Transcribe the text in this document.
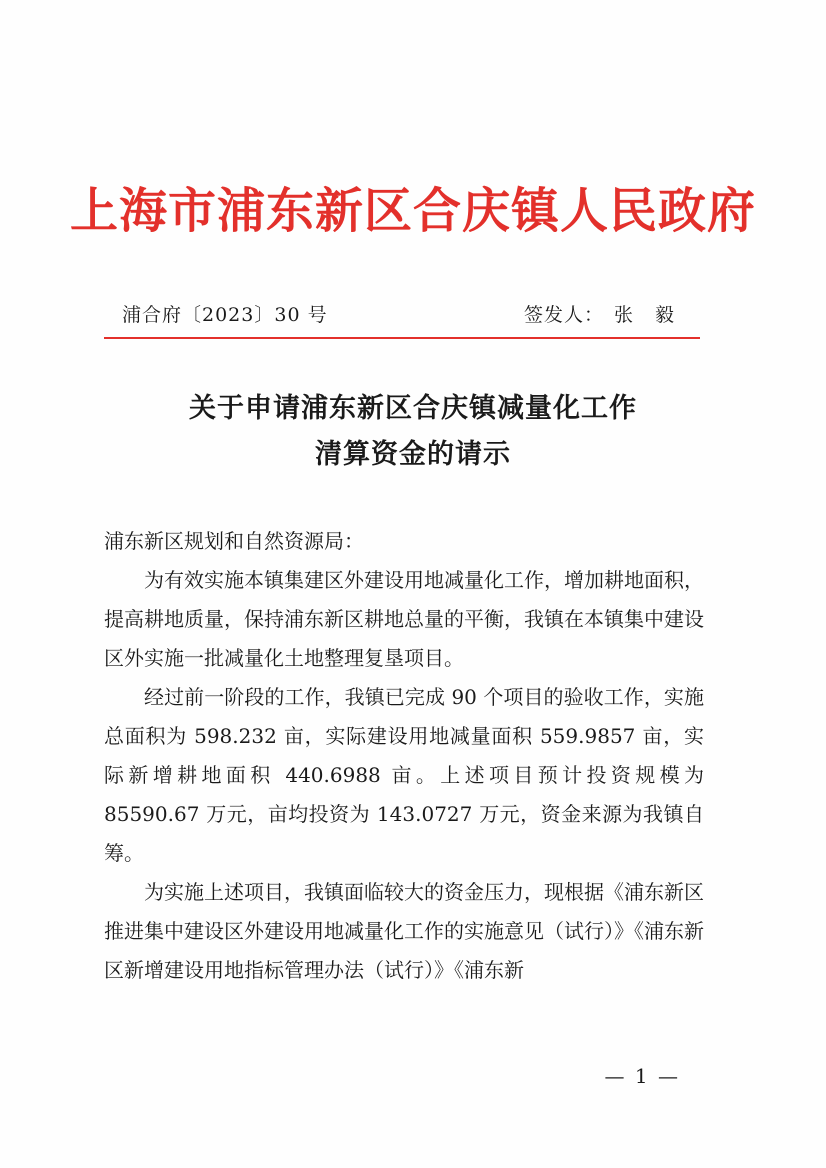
上海市浦东新区合庆镇人民政府
浦合府〔2023〕30 号	签发人： 张 毅
关于申请浦东新区合庆镇减量化工作
清算资金的请示

浦东新区规划和自然资源局：

为有效实施本镇集建区外建设用地减量化工作，增加耕地面积，提高耕地质量，保持浦东新区耕地总量的平衡，我镇在本镇集中建设区外实施一批减量化土地整理复垦项目。

经过前一阶段的工作，我镇已完成 90 个项目的验收工作，实施总面积为 598.232 亩，实际建设用地减量面积 559.9857 亩，实际新增耕地面积 440.6988 亩。上述项目预计投资规模为 85590.67 万元，亩均投资为 143.0727 万元，资金来源为我镇自筹。

为实施上述项目，我镇面临较大的资金压力，现根据《浦东新区推进集中建设区外建设用地减量化工作的实施意见（试行）》《浦东新区新增建设用地指标管理办法（试行）》《浦东新

— 1 —
